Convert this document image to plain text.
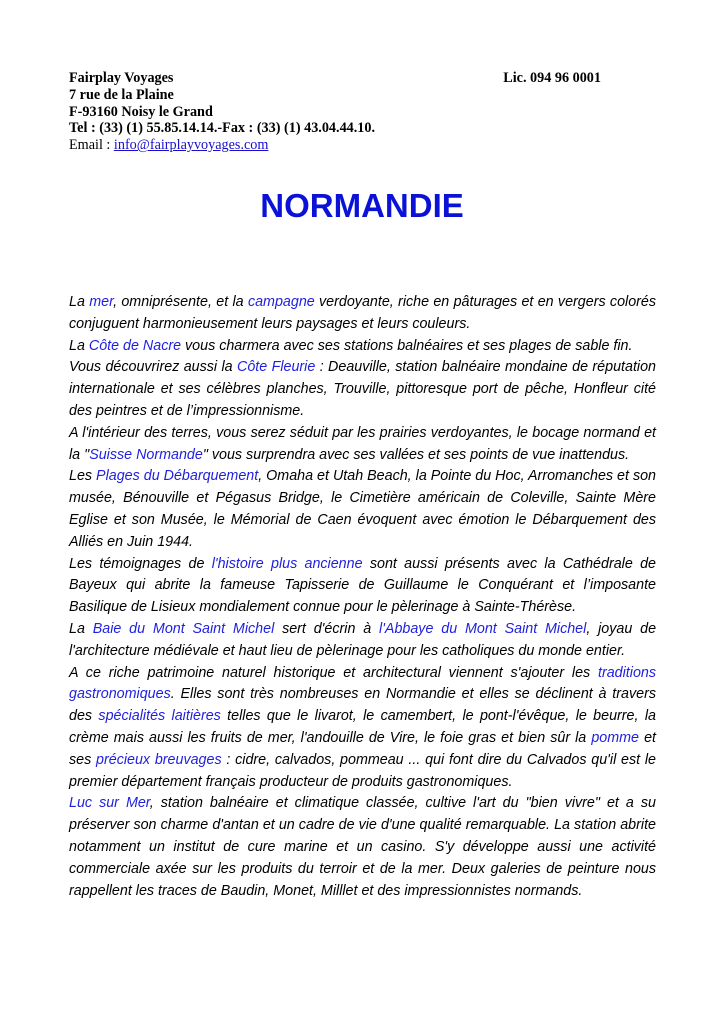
Fairplay Voyages	Lic. 094 96 0001
7 rue de la Plaine
F-93160 Noisy le Grand
Tel : (33) (1) 55.85.14.14.-Fax : (33) (1) 43.04.44.10.
Email : info@fairplayvoyages.com
NORMANDIE

La mer, omniprésente, et la campagne verdoyante, riche en pâturages et en vergers colorés conjuguent harmonieusement leurs paysages et leurs couleurs.

La Côte de Nacre vous charmera avec ses stations balnéaires et ses plages de sable fin.

Vous découvrirez aussi la Côte Fleurie : Deauville, station balnéaire mondaine de réputation internationale et ses célèbres planches, Trouville, pittoresque port de pêche, Honfleur cité des peintres et de l’impressionnisme.

A l'intérieur des terres, vous serez séduit par les prairies verdoyantes, le bocage normand et la "Suisse Normande" vous surprendra avec ses vallées et ses points de vue inattendus.

Les Plages du Débarquement, Omaha et Utah Beach, la Pointe du Hoc, Arromanches et son musée, Bénouville et Pégasus Bridge, le Cimetière américain de Coleville, Sainte Mère Eglise et son Musée, le Mémorial de Caen évoquent avec émotion le Débarquement des Alliés en Juin 1944.

Les témoignages de l'histoire plus ancienne sont aussi présents avec la Cathédrale de Bayeux qui abrite la fameuse Tapisserie de Guillaume le Conquérant et l’imposante Basilique de Lisieux mondialement connue pour le pèlerinage à Sainte-Thérèse.

La Baie du Mont Saint Michel sert d'écrin à l'Abbaye du Mont Saint Michel, joyau de l'architecture médiévale et haut lieu de pèlerinage pour les catholiques du monde entier.

A ce riche patrimoine naturel historique et architectural viennent s'ajouter les traditions gastronomiques. Elles sont très nombreuses en Normandie et elles se déclinent à travers des spécialités laitières telles que le livarot, le camembert, le pont-l'évêque, le beurre, la crème mais aussi les fruits de mer, l'andouille de Vire, le foie gras et bien sûr la pomme et ses précieux breuvages : cidre, calvados, pommeau ... qui font dire du Calvados qu'il est le premier département français producteur de produits gastronomiques.

Luc sur Mer, station balnéaire et climatique classée, cultive l'art du "bien vivre" et a su préserver son charme d'antan et un cadre de vie d'une qualité remarquable. La station abrite notamment un institut de cure marine et un casino. S'y développe aussi une activité commerciale axée sur les produits du terroir et de la mer. Deux galeries de peinture nous rappellent les traces de Baudin, Monet, Milllet et des impressionnistes normands.
